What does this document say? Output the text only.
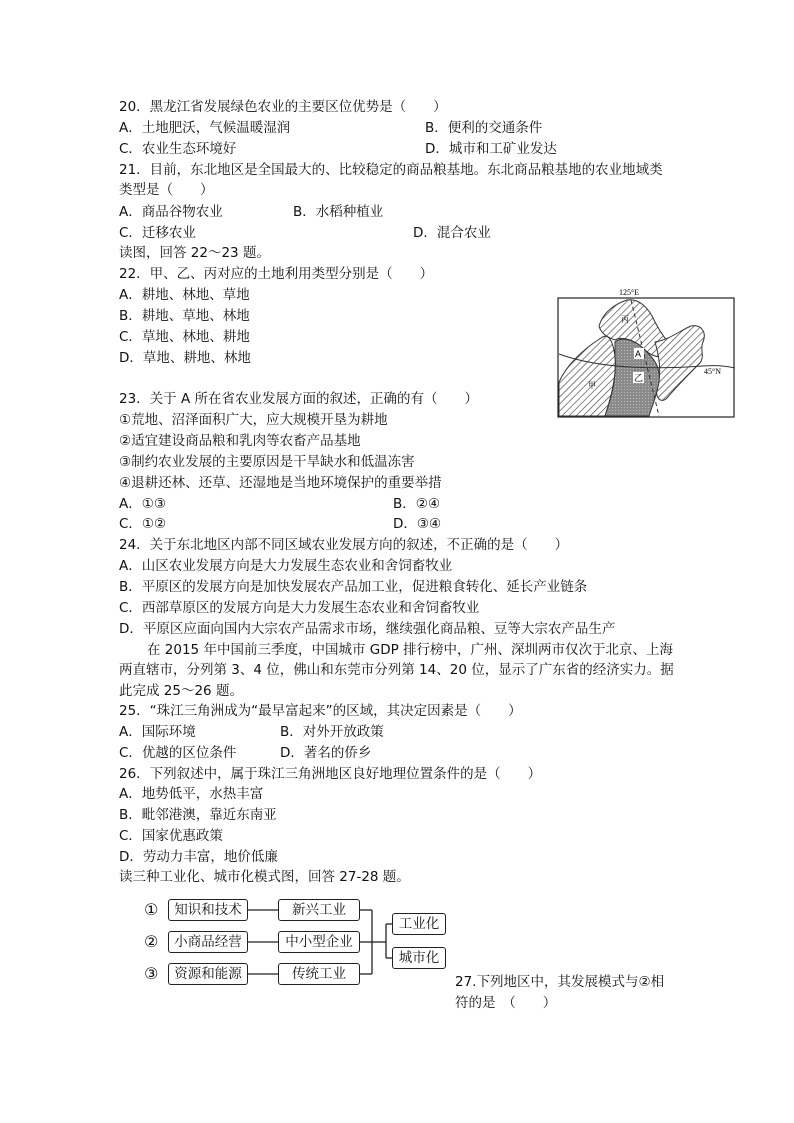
20．黑龙江省发展绿色农业的主要区位优势是（　　）
A．土地肥沃，气候温暖湿润	B．便利的交通条件
C．农业生态环境好	D．城市和工矿业发达
21．目前，东北地区是全国最大的、比较稳定的商品粮基地。东北商品粮基地的农业地域类
类型是（　　）
A．商品谷物农业	B．水稻种植业
C．迁移农业	D．混合农业
读图，回答 22～23 题。
22．甲、乙、丙对应的土地利用类型分别是（　　）
A．耕地、林地、草地
B．耕地、草地、林地
C．草地、林地、耕地
D．草地、耕地、林地
125°E
45°N
A
乙
丙
甲
23．关于 A 所在省农业发展方面的叙述，正确的有（　　）
①荒地、沼泽面积广大，应大规模开垦为耕地
②适宜建设商品粮和乳肉等农畜产品基地
③制约农业发展的主要原因是干旱缺水和低温冻害
④退耕还林、还草、还湿地是当地环境保护的重要举措
A．①③	B．②④
C．①②	D．③④
24．关于东北地区内部不同区域农业发展方向的叙述，不正确的是（　　）
A．山区农业发展方向是大力发展生态农业和舍饲畜牧业
B．平原区的发展方向是加快发展农产品加工业，促进粮食转化、延长产业链条
C．西部草原区的发展方向是大力发展生态农业和舍饲畜牧业
D．平原区应面向国内大宗农产品需求市场，继续强化商品粮、豆等大宗农产品生产
在 2015 年中国前三季度，中国城市 GDP 排行榜中，广州、深圳两市仅次于北京、上海
两直辖市，分列第 3、4 位，佛山和东莞市分列第 14、20 位，显示了广东省的经济实力。据
此完成 25～26 题。
25．“珠江三角洲成为“最早富起来”的区域，其决定因素是（　　）
A．国际环境	B．对外开放政策
C．优越的区位条件	D．著名的侨乡
26．下列叙述中，属于珠江三角洲地区良好地理位置条件的是（　　）
A．地势低平，水热丰富
B．毗邻港澳，靠近东南亚
C．国家优惠政策
D．劳动力丰富，地价低廉
读三种工业化、城市化模式图，回答 27-28 题。
①
②
③
知识和技术
小商品经营
资源和能源
新兴工业
中小型企业
传统工业
工业化
城市化
27.下列地区中，其发展模式与②相
符的是　（　　）
